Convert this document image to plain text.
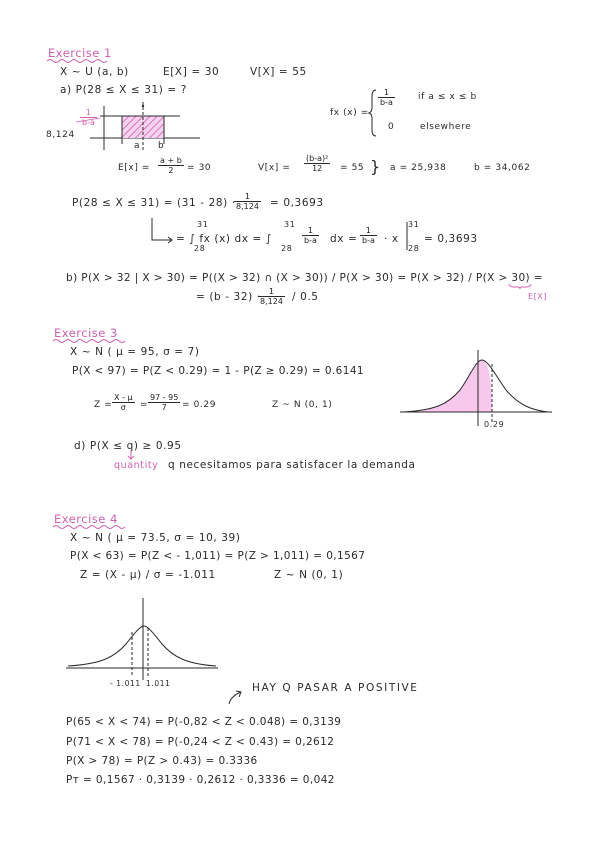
Exercise 1
X ~ U (a, b)	E[X] = 30	V[X] = 55
a) P(28 ≤ X ≤ 31) = ?
$\frac{1}{b-a}$
8,124
a b
fx (x) =
$\frac{1}{b-a}$	if a ≤ x ≤ b
0	elsewhere
$E[x] = \frac{a + b}{2} = 30$	$V[x] = \frac{\text{(b-a)²}}{12} = 55$ } a = 25,938	b = 34,062
P(28 ≤ X ≤ 31) = (31 - 28) ·
$\frac{1}{8,124} = 0,3693$
= ∫ fx (x) dx = ∫
31
28
31
28
$\frac{1}{b-a}$ dx = $\frac{1}{b-a} \cdot x$
31
28
= 0,3693
b) P(X > 32 | X > 30) = P((X > 32) ∩ (X > 30)) / P(X > 30) = P(X > 32) / P(X > 30) =
E[X]
= (b - 32) ·
$\frac{1}{8,124} / 0.5$
Exercise 3
X ~ N ( μ = 95, σ = 7)
P(X < 97) = P(Z < 0.29) = 1 - P(Z ≥ 0.29) = 0.6141
$Z = \frac{X - \mu}{\sigma} = \frac{97 - 95}{7} = 0.29$	Z ~ N (0, 1)
0.29
d) P(X ≤ q) ≥ 0.95
quantity q necesitamos para satisfacer la demanda
Exercise 4
X ~ N ( μ = 73.5, σ = 10, 39)
P(X < 63) = P(Z < - 1,011) = P(Z > 1,011) = 0,1567
Z = (X - μ) / σ = -1.011	Z ~ N (0, 1)
- 1.011 1.011	HAY Q PASAR A POSITIVE
P(65 < X < 74) = P(-0,82 < Z < 0.048) = 0,3139
P(71 < X < 78) = P(-0,24 < Z < 0.43) = 0,2612
P(X > 78) = P(Z > 0.43) = 0.3336
Pᴛ = 0,1567 · 0,3139 · 0,2612 · 0,3336 = 0,042
